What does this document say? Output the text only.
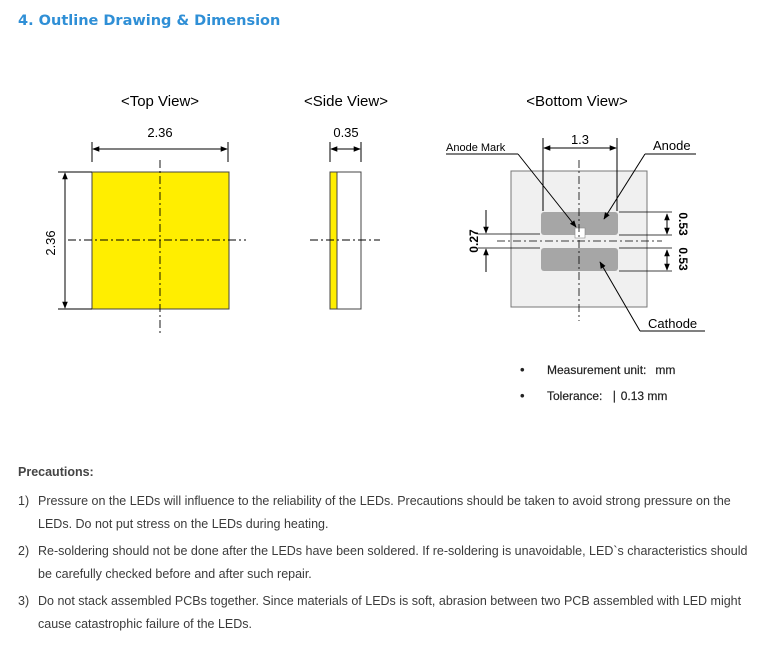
4. Outline Drawing & Dimension
<Top View>	<Side View>	<Bottom View>
2.36
2.36
0.35	1.3
Anode Mark	Anode
Cathode
0.27
0.53
0.53
• Measurement unit: mm
• Tolerance: ∣ 0.13 mm
Precautions:
1) Pressure on the LEDs will influence to the reliability of the LEDs. Precautions should be taken to avoid strong pressure on the LEDs. Do not put stress on the LEDs during heating.
2) Re-soldering should not be done after the LEDs have been soldered. If re-soldering is unavoidable, LED`s characteristics should be carefully checked before and after such repair.
3) Do not stack assembled PCBs together. Since materials of LEDs is soft, abrasion between two PCB assembled with LED might cause catastrophic failure of the LEDs.
